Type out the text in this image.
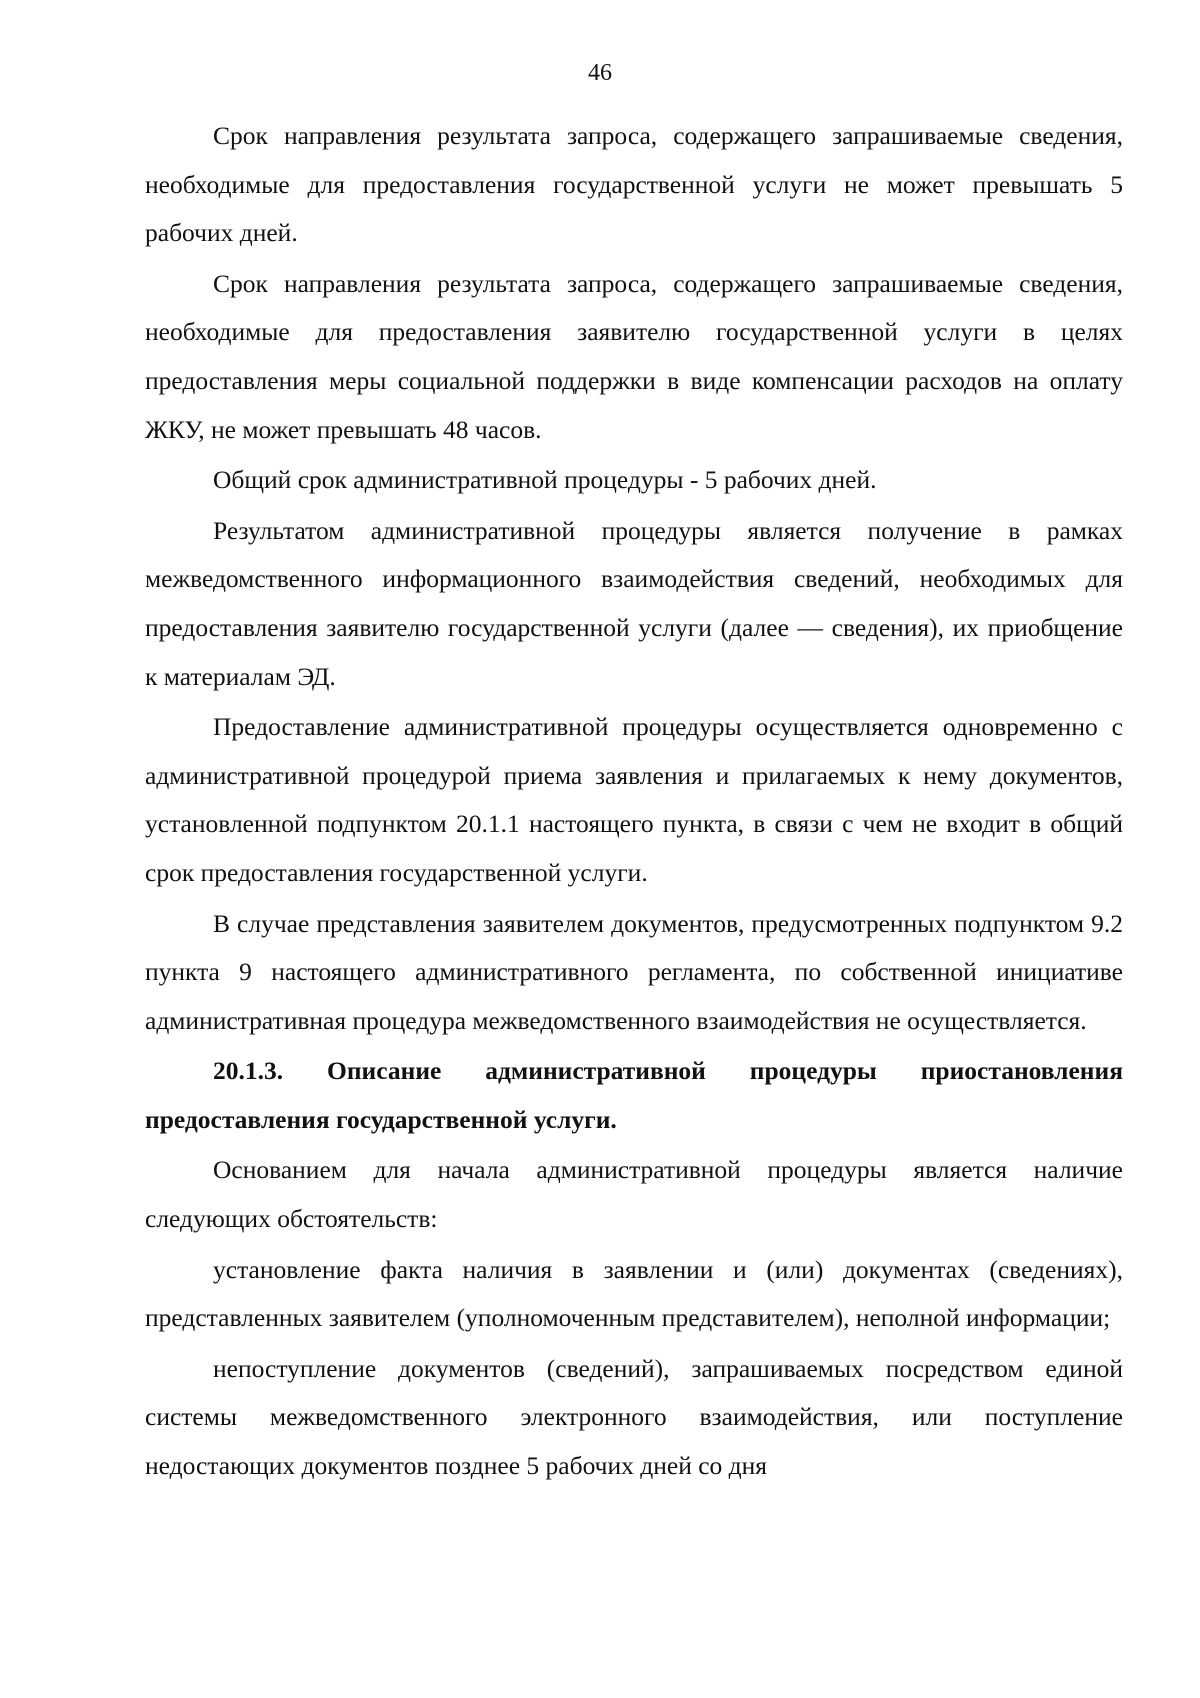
46

Срок направления результата запроса, содержащего запрашиваемые сведения, необходимые для предоставления государственной услуги не может превышать 5 рабочих дней.

Срок направления результата запроса, содержащего запрашиваемые сведения, необходимые для предоставления заявителю государственной услуги в целях предоставления меры социальной поддержки в виде компенсации расходов на оплату ЖКУ, не может превышать 48 часов.

Общий срок административной процедуры - 5 рабочих дней.

Результатом административной процедуры является получение в рамках межведомственного информационного взаимодействия сведений, необходимых для предоставления заявителю государственной услуги (далее — сведения), их приобщение к материалам ЭД.

Предоставление административной процедуры осуществляется одновременно с административной процедурой приема заявления и прилагаемых к нему документов, установленной подпунктом 20.1.1 настоящего пункта, в связи с чем не входит в общий срок предоставления государственной услуги.

В случае представления заявителем документов, предусмотренных подпунктом 9.2 пункта 9 настоящего административного регламента, по собственной инициативе административная процедура межведомственного взаимодействия не осуществляется.

20.1.3. Описание административной процедуры приостановления предоставления государственной услуги.

Основанием для начала административной процедуры является наличие следующих обстоятельств:

установление факта наличия в заявлении и (или) документах (сведениях), представленных заявителем (уполномоченным представителем), неполной информации;

непоступление документов (сведений), запрашиваемых посредством единой системы межведомственного электронного взаимодействия, или поступление недостающих документов позднее 5 рабочих дней со дня
